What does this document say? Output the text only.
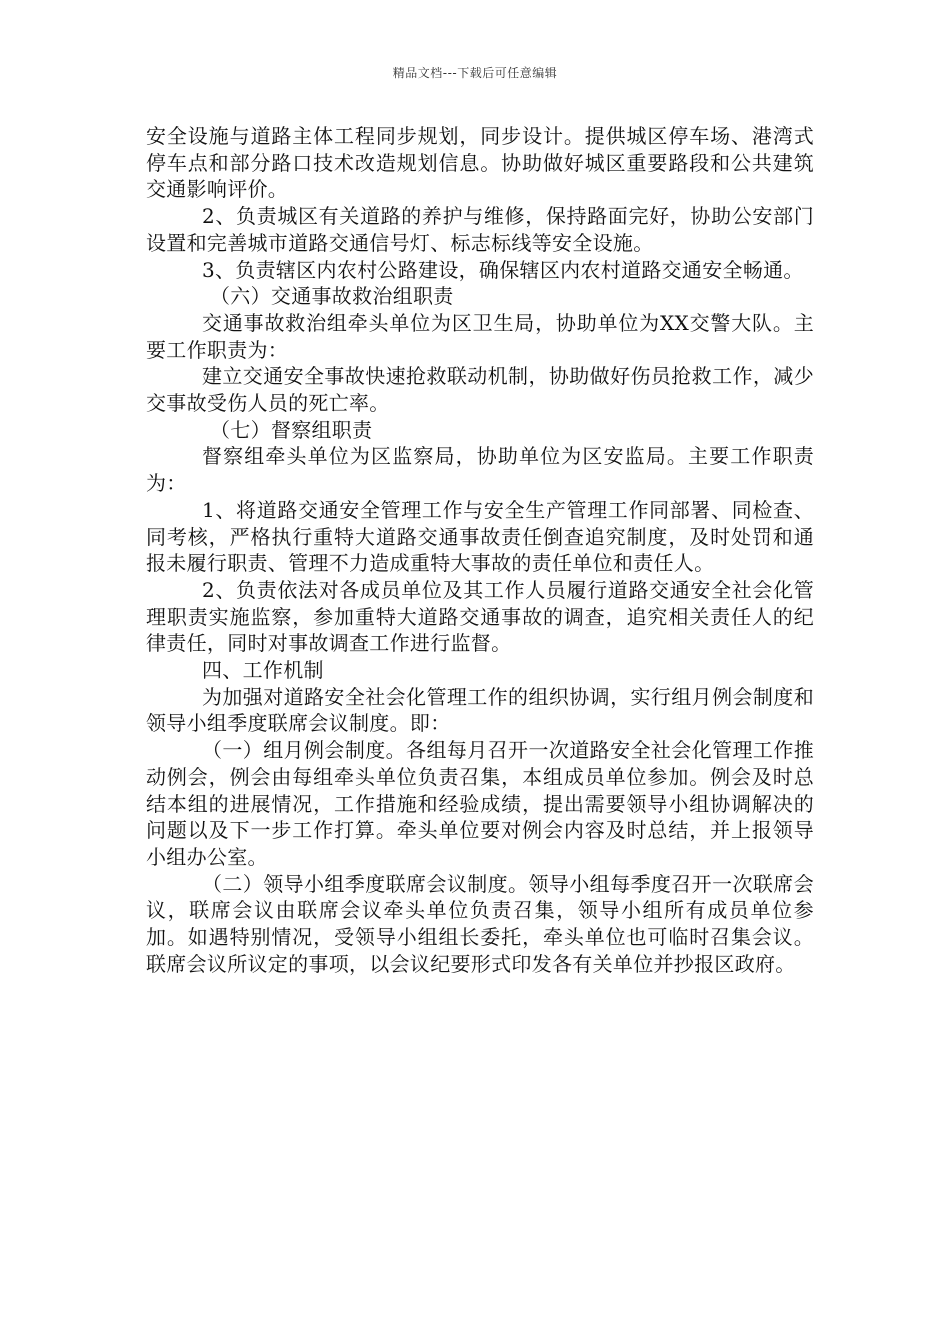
精品文档---下载后可任意编辑

安全设施与道路主体工程同步规划，同步设计。提供城区停车场、港湾式停车点和部分路口技术改造规划信息。协助做好城区重要路段和公共建筑交通影响评价。

2、负责城区有关道路的养护与维修，保持路面完好，协助公安部门设置和完善城市道路交通信号灯、标志标线等安全设施。

3、负责辖区内农村公路建设，确保辖区内农村道路交通安全畅通。

（六）交通事故救治组职责

交通事故救治组牵头单位为区卫生局，协助单位为XX交警大队。主要工作职责为：

建立交通安全事故快速抢救联动机制，协助做好伤员抢救工作，减少交事故受伤人员的死亡率。

（七）督察组职责

督察组牵头单位为区监察局，协助单位为区安监局。主要工作职责为：

1、将道路交通安全管理工作与安全生产管理工作同部署、同检查、同考核，严格执行重特大道路交通事故责任倒查追究制度，及时处罚和通报未履行职责、管理不力造成重特大事故的责任单位和责任人。

2、负责依法对各成员单位及其工作人员履行道路交通安全社会化管理职责实施监察，参加重特大道路交通事故的调查，追究相关责任人的纪律责任，同时对事故调查工作进行监督。

四、工作机制

为加强对道路安全社会化管理工作的组织协调，实行组月例会制度和领导小组季度联席会议制度。即：

（一）组月例会制度。各组每月召开一次道路安全社会化管理工作推动例会，例会由每组牵头单位负责召集，本组成员单位参加。例会及时总结本组的进展情况，工作措施和经验成绩，提出需要领导小组协调解决的问题以及下一步工作打算。牵头单位要对例会内容及时总结，并上报领导小组办公室。

（二）领导小组季度联席会议制度。领导小组每季度召开一次联席会议，联席会议由联席会议牵头单位负责召集，领导小组所有成员单位参加。如遇特别情况，受领导小组组长委托，牵头单位也可临时召集会议。联席会议所议定的事项，以会议纪要形式印发各有关单位并抄报区政府。
